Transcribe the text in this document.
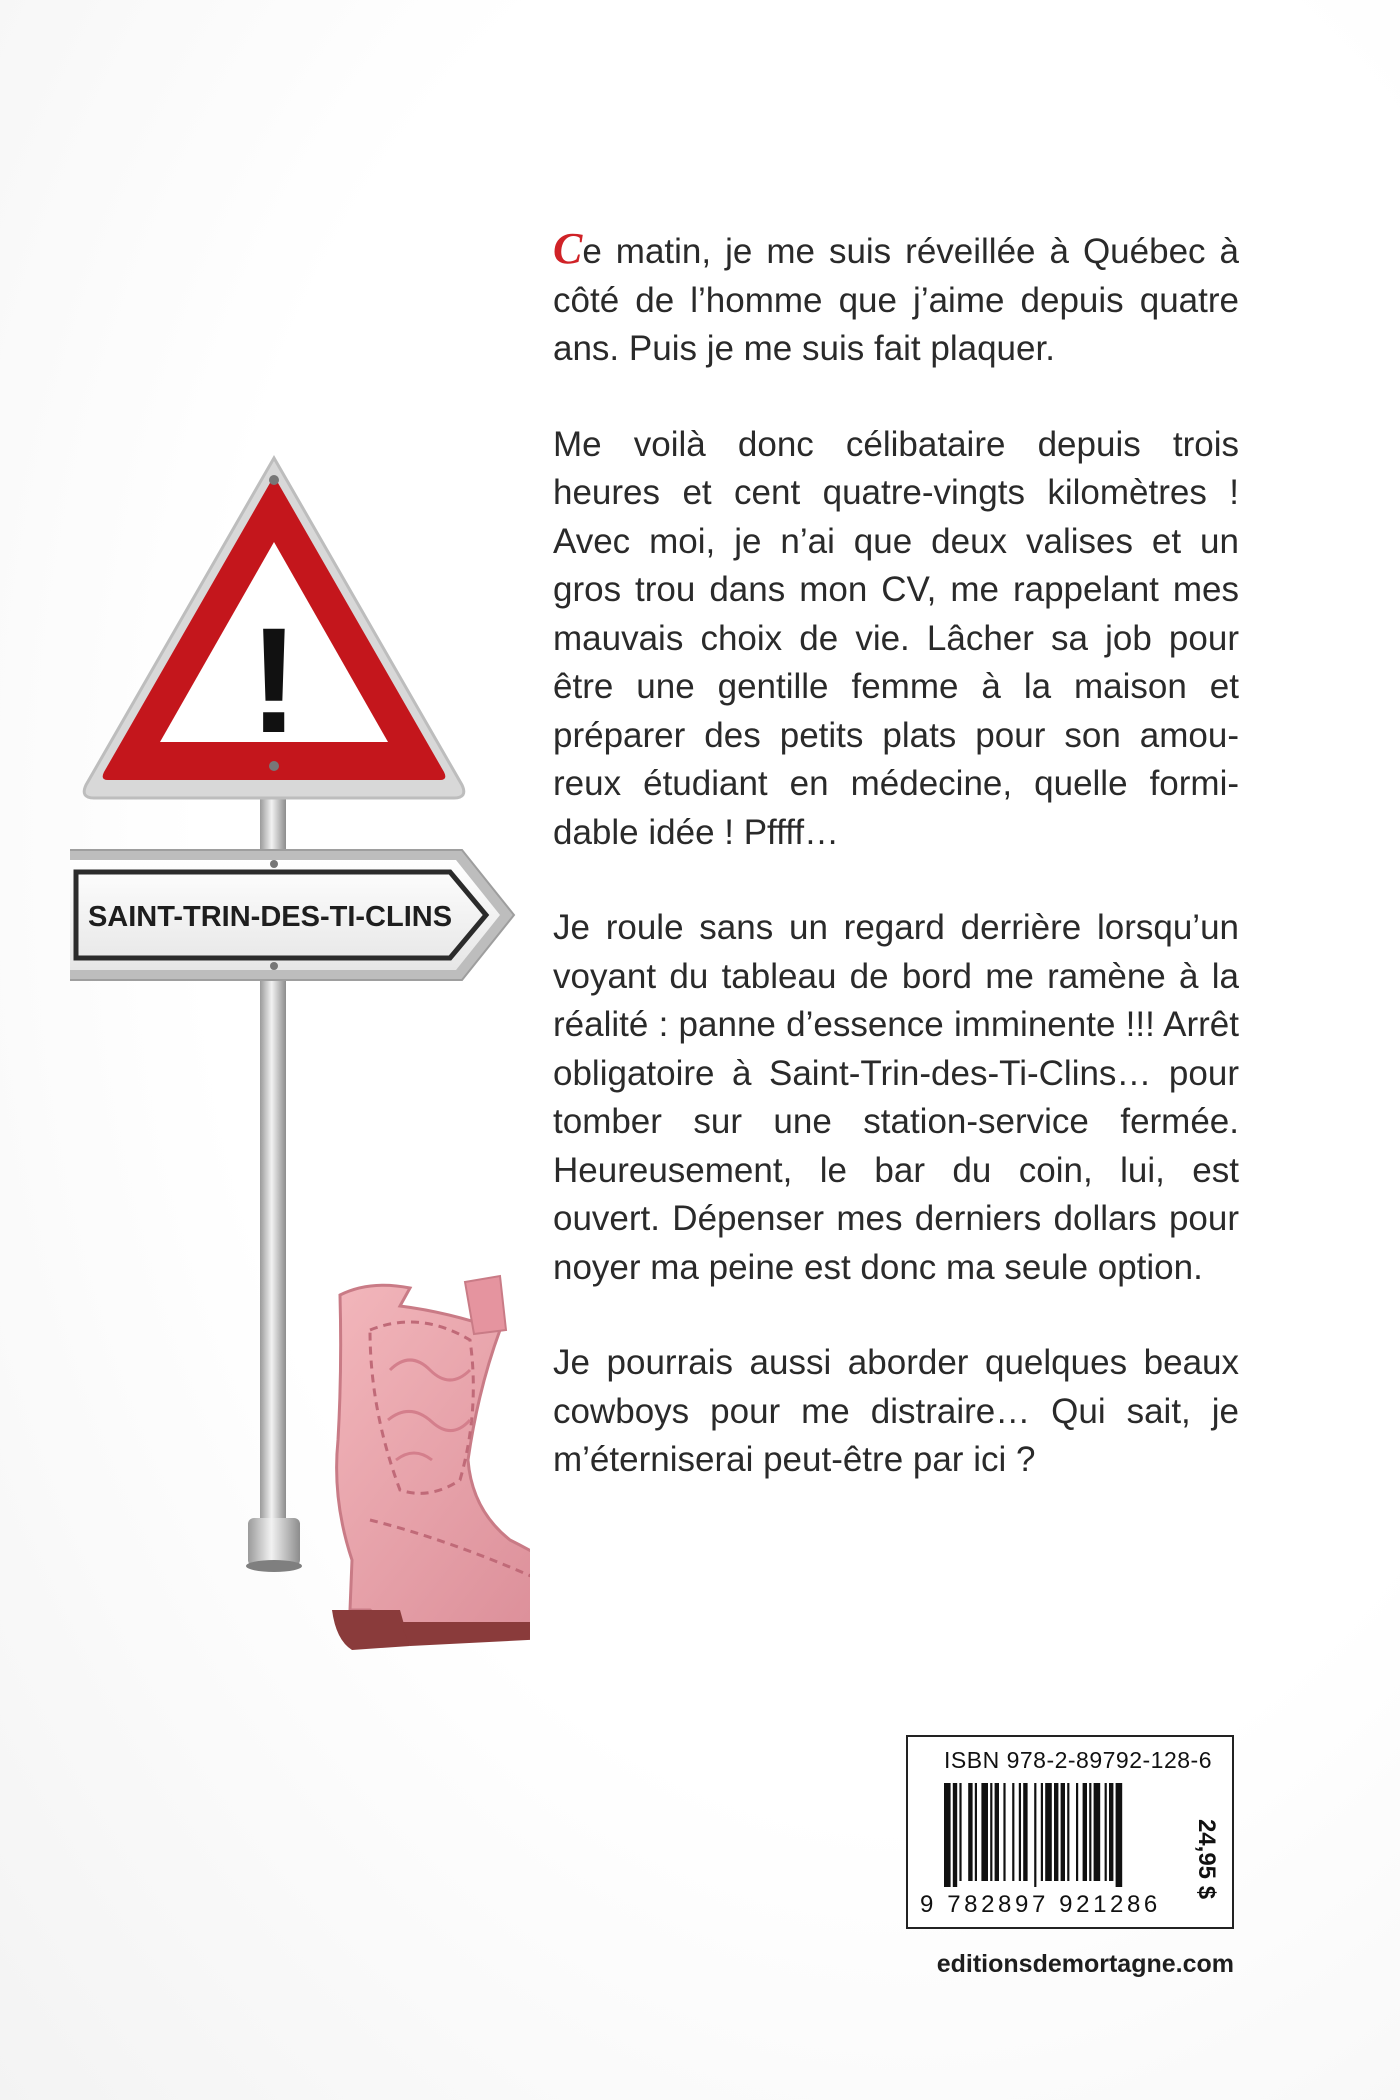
!
SAINT-TRIN-DES-TI-CLINS

Ce matin, je me suis réveillée à Québec à côté de l’homme que j’aime depuis quatre ans. Puis je me suis fait plaquer.

Me voilà donc célibataire depuis trois heures et cent quatre-vingts kilomètres ! Avec moi, je n’ai que deux valises et un gros trou dans mon CV, me rappelant mes mauvais choix de vie. Lâcher sa job pour être une gentille femme à la maison et préparer des petits plats pour son amoureux étudiant en médecine, quelle formidable idée ! Pffff…

Je roule sans un regard derrière lorsqu’un voyant du tableau de bord me ramène à la réalité : panne d’essence imminente !!! Arrêt obligatoire à Saint-Trin-des-Ti-Clins… pour tomber sur une station-service fermée. Heureusement, le bar du coin, lui, est ouvert. Dépenser mes derniers dollars pour noyer ma peine est donc ma seule option.

Je pourrais aussi aborder quelques beaux cowboys pour me distraire… Qui sait, je m’éterniserai peut-être par ici ?

ISBN 978-2-89792-128-6
9 782897 921286
24,95 $
editionsdemortagne.com
